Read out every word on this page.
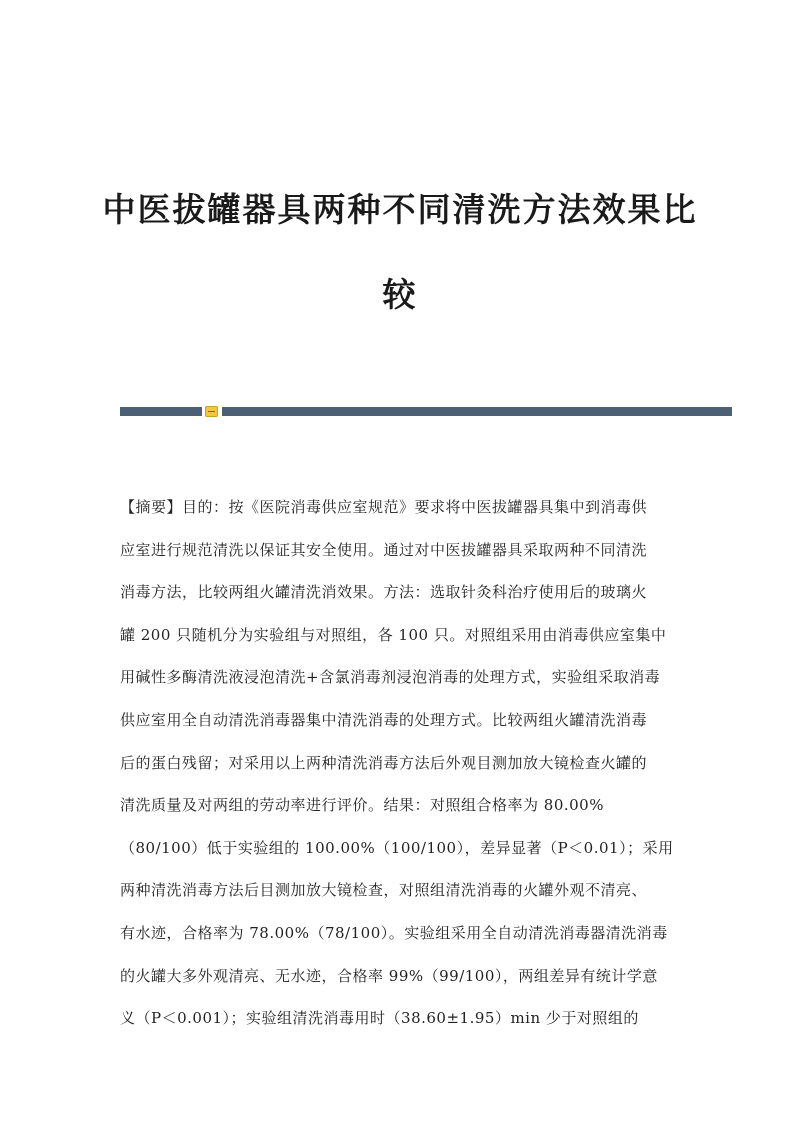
中医拔罐器具两种不同清洗方法效果比
较
【摘要】目的：按《医院消毒供应室规范》要求将中医拔罐器具集中到消毒供
应室进行规范清洗以保证其安全使用。通过对中医拔罐器具采取两种不同清洗
消毒方法，比较两组火罐清洗消效果。方法：选取针灸科治疗使用后的玻璃火
罐 200 只随机分为实验组与对照组，各 100 只。对照组采用由消毒供应室集中
用碱性多酶清洗液浸泡清洗+含氯消毒剂浸泡消毒的处理方式，实验组采取消毒
供应室用全自动清洗消毒器集中清洗消毒的处理方式。比较两组火罐清洗消毒
后的蛋白残留；对采用以上两种清洗消毒方法后外观目测加放大镜检查火罐的
清洗质量及对两组的劳动率进行评价。结果：对照组合格率为 80.00%
（80/100）低于实验组的 100.00%（100/100），差异显著（P＜0.01）；采用
两种清洗消毒方法后目测加放大镜检查，对照组清洗消毒的火罐外观不清亮、
有水迹，合格率为 78.00%（78/100）。实验组采用全自动清洗消毒器清洗消毒
的火罐大多外观清亮、无水迹，合格率 99%（99/100），两组差异有统计学意
义（P＜0.001）；实验组清洗消毒用时（38.60±1.95）min 少于对照组的
